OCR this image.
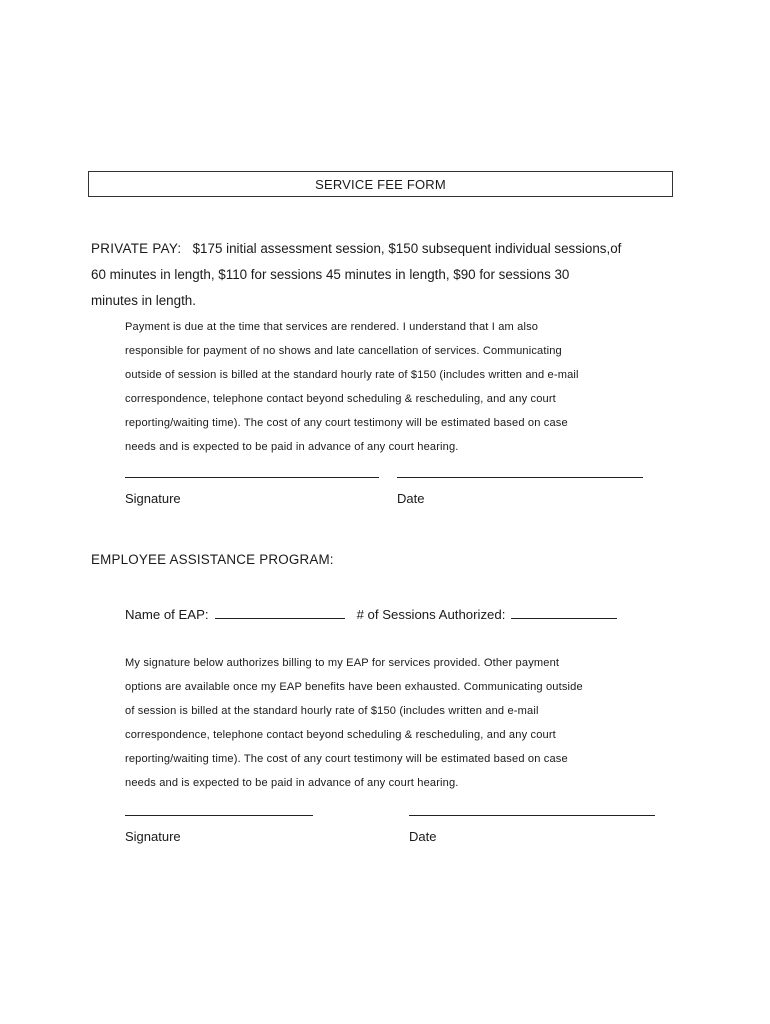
SERVICE FEE FORM
PRIVATE PAY: $175 initial assessment session, $150 subsequent individual sessions,of
60 minutes in length, $110 for sessions 45 minutes in length, $90 for sessions 30
minutes in length.
Payment is due at the time that services are rendered. I understand that I am also
responsible for payment of no shows and late cancellation of services. Communicating
outside of session is billed at the standard hourly rate of $150 (includes written and e-mail
correspondence, telephone contact beyond scheduling & rescheduling, and any court
reporting/waiting time). The cost of any court testimony will be estimated based on case
needs and is expected to be paid in advance of any court hearing.
Signature	Date
EMPLOYEE ASSISTANCE PROGRAM:
Name of EAP:	# of Sessions Authorized:
My signature below authorizes billing to my EAP for services provided. Other payment
options are available once my EAP benefits have been exhausted. Communicating outside
of session is billed at the standard hourly rate of $150 (includes written and e-mail
correspondence, telephone contact beyond scheduling & rescheduling, and any court
reporting/waiting time). The cost of any court testimony will be estimated based on case
needs and is expected to be paid in advance of any court hearing.
Signature	Date
